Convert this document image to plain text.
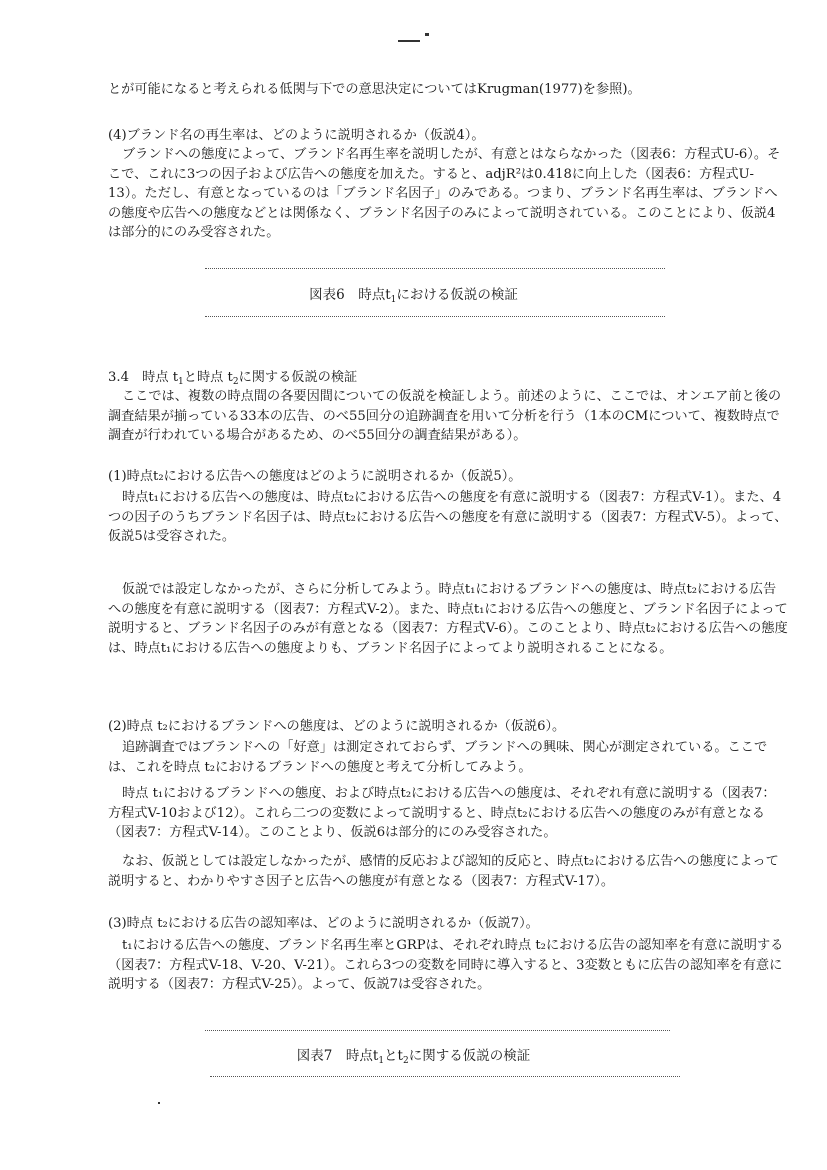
とが可能になると考えられる低関与下での意思決定についてはKrugman(1977)を参照)。
(4)ブランド名の再生率は、どのように説明されるか（仮説4）。
ブランドへの態度によって、ブランド名再生率を説明したが、有意とはならなかった（図表6：方程式U-6）。そこで、これに3つの因子および広告への態度を加えた。すると、adjR²は0.418に向上した（図表6：方程式U-13）。ただし、有意となっているのは「ブランド名因子」のみである。つまり、ブランド名再生率は、ブランドへの態度や広告への態度などとは関係なく、ブランド名因子のみによって説明されている。このことにより、仮説4は部分的にのみ受容された。
図表6　時点$t_1$における仮説の検証
3.4　時点 $t_1$と時点 $t_2$に関する仮説の検証
ここでは、複数の時点間の各要因間についての仮説を検証しよう。前述のように、ここでは、オンエア前と後の調査結果が揃っている33本の広告、のべ55回分の追跡調査を用いて分析を行う（1本のCMについて、複数時点で調査が行われている場合があるため、のべ55回分の調査結果がある）。
(1)時点t₂における広告への態度はどのように説明されるか（仮説5）。
時点t₁における広告への態度は、時点t₂における広告への態度を有意に説明する（図表7：方程式V-1）。また、4つの因子のうちブランド名因子は、時点t₂における広告への態度を有意に説明する（図表7：方程式V-5）。よって、仮説5は受容された。
仮説では設定しなかったが、さらに分析してみよう。時点t₁におけるブランドへの態度は、時点t₂における広告への態度を有意に説明する（図表7：方程式V-2）。また、時点t₁における広告への態度と、ブランド名因子によって説明すると、ブランド名因子のみが有意となる（図表7：方程式V-6）。このことより、時点t₂における広告への態度は、時点t₁における広告への態度よりも、ブランド名因子によってより説明されることになる。
(2)時点 t₂におけるブランドへの態度は、どのように説明されるか（仮説6）。
追跡調査ではブランドへの「好意」は測定されておらず、ブランドへの興味、関心が測定されている。ここでは、これを時点 t₂におけるブランドへの態度と考えて分析してみよう。
時点 t₁におけるブランドへの態度、および時点t₂における広告への態度は、それぞれ有意に説明する（図表7：方程式V-10および12）。これら二つの変数によって説明すると、時点t₂における広告への態度のみが有意となる（図表7：方程式V-14）。このことより、仮説6は部分的にのみ受容された。
なお、仮説としては設定しなかったが、感情的反応および認知的反応と、時点t₂における広告への態度によって説明すると、わかりやすさ因子と広告への態度が有意となる（図表7：方程式V-17）。
(3)時点 t₂における広告の認知率は、どのように説明されるか（仮説7）。
t₁における広告への態度、ブランド名再生率とGRPは、それぞれ時点 t₂における広告の認知率を有意に説明する（図表7：方程式V-18、V-20、V-21）。これら3つの変数を同時に導入すると、3変数ともに広告の認知率を有意に説明する（図表7：方程式V-25）。よって、仮説7は受容された。
図表7　時点$t_1$と$t_2$に関する仮説の検証
